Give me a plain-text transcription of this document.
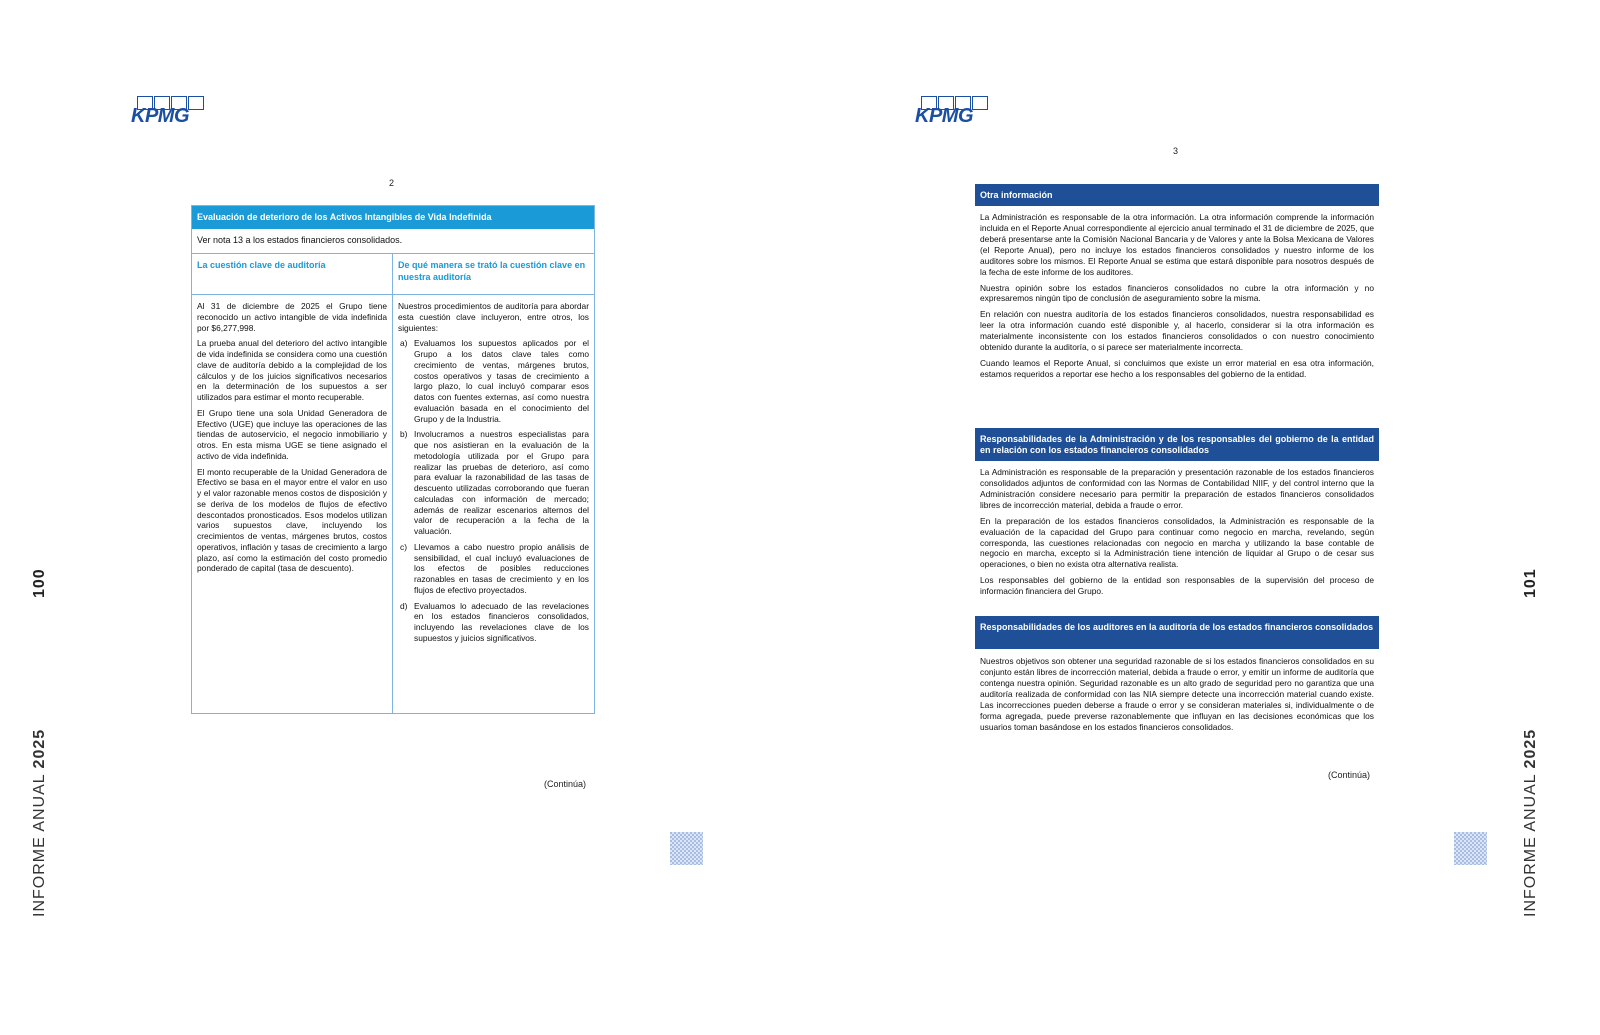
KPMG
2
Evaluación de deterioro de los Activos Intangibles de Vida Indefinida
Ver nota 13 a los estados financieros consolidados.
La cuestión clave de auditoría	De qué manera se trató la cuestión clave en nuestra auditoría

Al 31 de diciembre de 2025 el Grupo tiene reconocido un activo intangible de vida indefinida por $6,277,998.

La prueba anual del deterioro del activo intangible de vida indefinida se considera como una cuestión clave de auditoría debido a la complejidad de los cálculos y de los juicios significativos necesarios en la determinación de los supuestos a ser utilizados para estimar el monto recuperable.

El Grupo tiene una sola Unidad Generadora de Efectivo (UGE) que incluye las operaciones de las tiendas de autoservicio, el negocio inmobiliario y otros. En esta misma UGE se tiene asignado el activo de vida indefinida.

El monto recuperable de la Unidad Generadora de Efectivo se basa en el mayor entre el valor en uso y el valor razonable menos costos de disposición y se deriva de los modelos de flujos de efectivo descontados pronosticados. Esos modelos utilizan varios supuestos clave, incluyendo los crecimientos de ventas, márgenes brutos, costos operativos, inflación y tasas de crecimiento a largo plazo, así como la estimación del costo promedio ponderado de capital (tasa de descuento).

Nuestros procedimientos de auditoría para abordar esta cuestión clave incluyeron, entre otros, los siguientes:

a) Evaluamos los supuestos aplicados por el Grupo a los datos clave tales como crecimiento de ventas, márgenes brutos, costos operativos y tasas de crecimiento a largo plazo, lo cual incluyó comparar esos datos con fuentes externas, así como nuestra evaluación basada en el conocimiento del Grupo y de la Industria.
b) Involucramos a nuestros especialistas para que nos asistieran en la evaluación de la metodología utilizada por el Grupo para realizar las pruebas de deterioro, así como para evaluar la razonabilidad de las tasas de descuento utilizadas corroborando que fueran calculadas con información de mercado; además de realizar escenarios alternos del valor de recuperación a la fecha de la valuación.
c) Llevamos a cabo nuestro propio análisis de sensibilidad, el cual incluyó evaluaciones de los efectos de posibles reducciones razonables en tasas de crecimiento y en los flujos de efectivo proyectados.
d) Evaluamos lo adecuado de las revelaciones en los estados financieros consolidados, incluyendo las revelaciones clave de los supuestos y juicios significativos.
(Continúa)
100
INFORME ANUAL 2025
KPMG
3
Otra información

La Administración es responsable de la otra información. La otra información comprende la información incluida en el Reporte Anual correspondiente al ejercicio anual terminado el 31 de diciembre de 2025, que deberá presentarse ante la Comisión Nacional Bancaria y de Valores y ante la Bolsa Mexicana de Valores (el Reporte Anual), pero no incluye los estados financieros consolidados y nuestro informe de los auditores sobre los mismos. El Reporte Anual se estima que estará disponible para nosotros después de la fecha de este informe de los auditores.

Nuestra opinión sobre los estados financieros consolidados no cubre la otra información y no expresaremos ningún tipo de conclusión de aseguramiento sobre la misma.

En relación con nuestra auditoría de los estados financieros consolidados, nuestra responsabilidad es leer la otra información cuando esté disponible y, al hacerlo, considerar si la otra información es materialmente inconsistente con los estados financieros consolidados o con nuestro conocimiento obtenido durante la auditoría, o si parece ser materialmente incorrecta.

Cuando leamos el Reporte Anual, si concluimos que existe un error material en esa otra información, estamos requeridos a reportar ese hecho a los responsables del gobierno de la entidad.

Responsabilidades de la Administración y de los responsables del gobierno de la entidad en relación con los estados financieros consolidados

La Administración es responsable de la preparación y presentación razonable de los estados financieros consolidados adjuntos de conformidad con las Normas de Contabilidad NIIF, y del control interno que la Administración considere necesario para permitir la preparación de estados financieros consolidados libres de incorrección material, debida a fraude o error.

En la preparación de los estados financieros consolidados, la Administración es responsable de la evaluación de la capacidad del Grupo para continuar como negocio en marcha, revelando, según corresponda, las cuestiones relacionadas con negocio en marcha y utilizando la base contable de negocio en marcha, excepto si la Administración tiene intención de liquidar al Grupo o de cesar sus operaciones, o bien no exista otra alternativa realista.

Los responsables del gobierno de la entidad son responsables de la supervisión del proceso de información financiera del Grupo.

Responsabilidades de los auditores en la auditoría de los estados financieros consolidados

Nuestros objetivos son obtener una seguridad razonable de si los estados financieros consolidados en su conjunto están libres de incorrección material, debida a fraude o error, y emitir un informe de auditoría que contenga nuestra opinión. Seguridad razonable es un alto grado de seguridad pero no garantiza que una auditoría realizada de conformidad con las NIA siempre detecte una incorrección material cuando existe. Las incorrecciones pueden deberse a fraude o error y se consideran materiales si, individualmente o de forma agregada, puede preverse razonablemente que influyan en las decisiones económicas que los usuarios toman basándose en los estados financieros consolidados.

(Continúa)
101
INFORME ANUAL 2025
